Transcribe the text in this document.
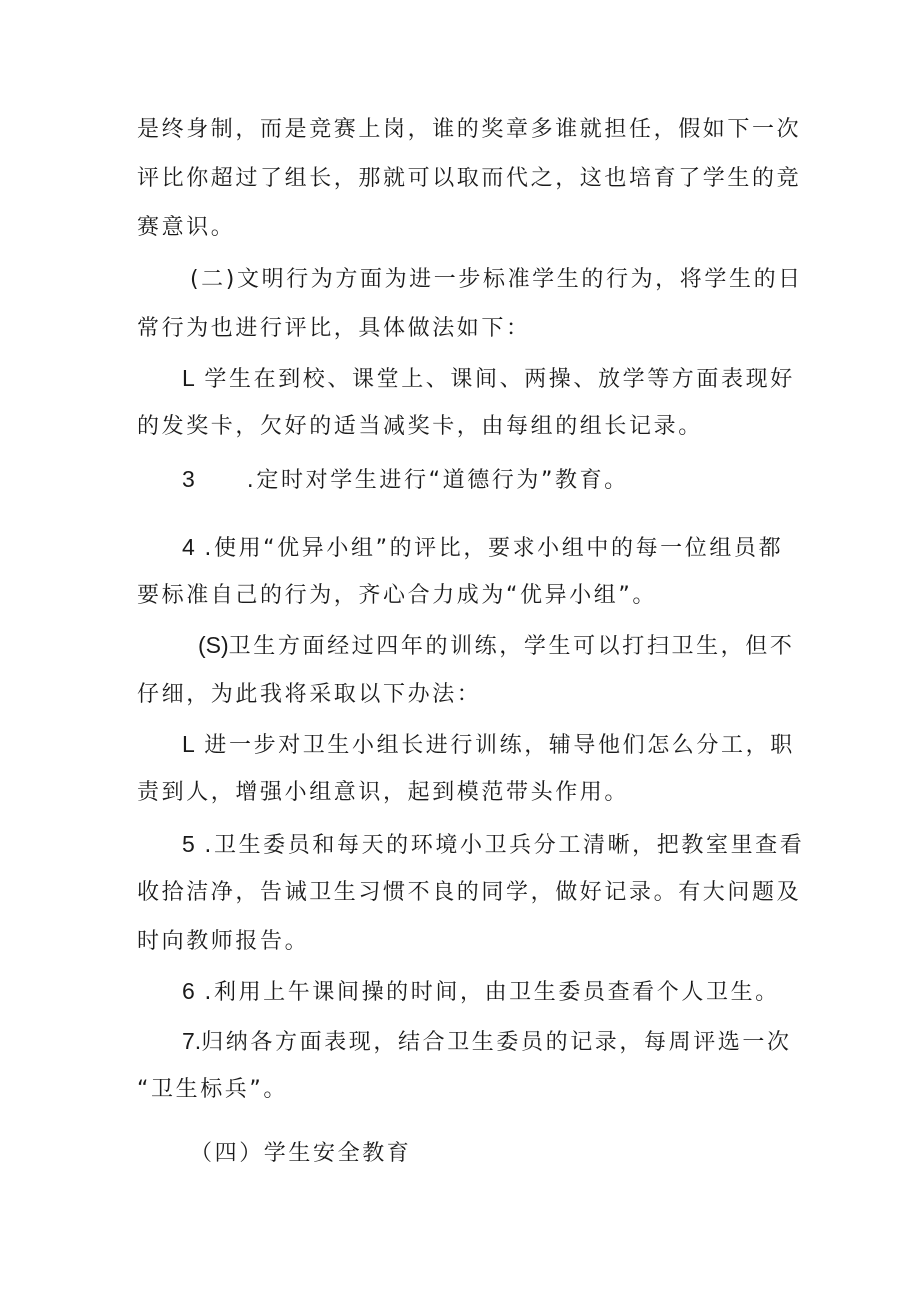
是终身制，而是竞赛上岗，谁的奖章多谁就担任，假如下一次
评比你超过了组长，那就可以取而代之，这也培育了学生的竞
赛意识。
(二)文明行为方面为进一步标准学生的行为，将学生的日
常行为也进行评比，具体做法如下：
L 学生在到校、课堂上、课间、两操、放学等方面表现好
的发奖卡，欠好的适当减奖卡，由每组的组长记录。
3 .定时对学生进行“道德行为”教育。
4 .使用“优异小组”的评比，要求小组中的每一位组员都
要标准自己的行为，齐心合力成为“优异小组”。
(S)卫生方面经过四年的训练，学生可以打扫卫生，但不
仔细，为此我将采取以下办法：
L 进一步对卫生小组长进行训练，辅导他们怎么分工，职
责到人，增强小组意识，起到模范带头作用。
5 .卫生委员和每天的环境小卫兵分工清晰，把教室里查看
收拾洁净，告诫卫生习惯不良的同学，做好记录。有大问题及
时向教师报告。
6 .利用上午课间操的时间，由卫生委员查看个人卫生。
7.归纳各方面表现，结合卫生委员的记录，每周评选一次
“卫生标兵”。
（四）学生安全教育
